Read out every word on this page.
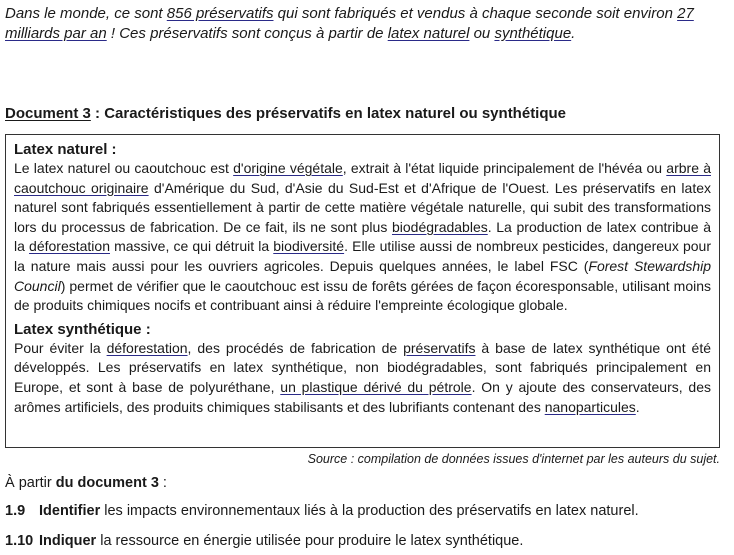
Dans le monde, ce sont 856 préservatifs qui sont fabriqués et vendus à chaque seconde soit environ 27 milliards par an ! Ces préservatifs sont conçus à partir de latex naturel ou synthétique.

Document 3 : Caractéristiques des préservatifs en latex naturel ou synthétique

Latex naturel :

Le latex naturel ou caoutchouc est d'origine végétale, extrait à l'état liquide principalement de l'hévéa ou arbre à caoutchouc originaire d'Amérique du Sud, d'Asie du Sud-Est et d'Afrique de l'Ouest. Les préservatifs en latex naturel sont fabriqués essentiellement à partir de cette matière végétale naturelle, qui subit des transformations lors du processus de fabrication. De ce fait, ils ne sont plus biodégradables. La production de latex contribue à la déforestation massive, ce qui détruit la biodiversité. Elle utilise aussi de nombreux pesticides, dangereux pour la nature mais aussi pour les ouvriers agricoles. Depuis quelques années, le label FSC (Forest Stewardship Council) permet de vérifier que le caoutchouc est issu de forêts gérées de façon écoresponsable, utilisant moins de produits chimiques nocifs et contribuant ainsi à réduire l'empreinte écologique globale.

Latex synthétique :

Pour éviter la déforestation, des procédés de fabrication de préservatifs à base de latex synthétique ont été développés. Les préservatifs en latex synthétique, non biodégradables, sont fabriqués principalement en Europe, et sont à base de polyuréthane, un plastique dérivé du pétrole. On y ajoute des conservateurs, des arômes artificiels, des produits chimiques stabilisants et des lubrifiants contenant des nanoparticules.

Source : compilation de données issues d'internet par les auteurs du sujet.

À partir du document 3 :

1.9 Identifier les impacts environnementaux liés à la production des préservatifs en latex naturel.

1.10 Indiquer la ressource en énergie utilisée pour produire le latex synthétique.
